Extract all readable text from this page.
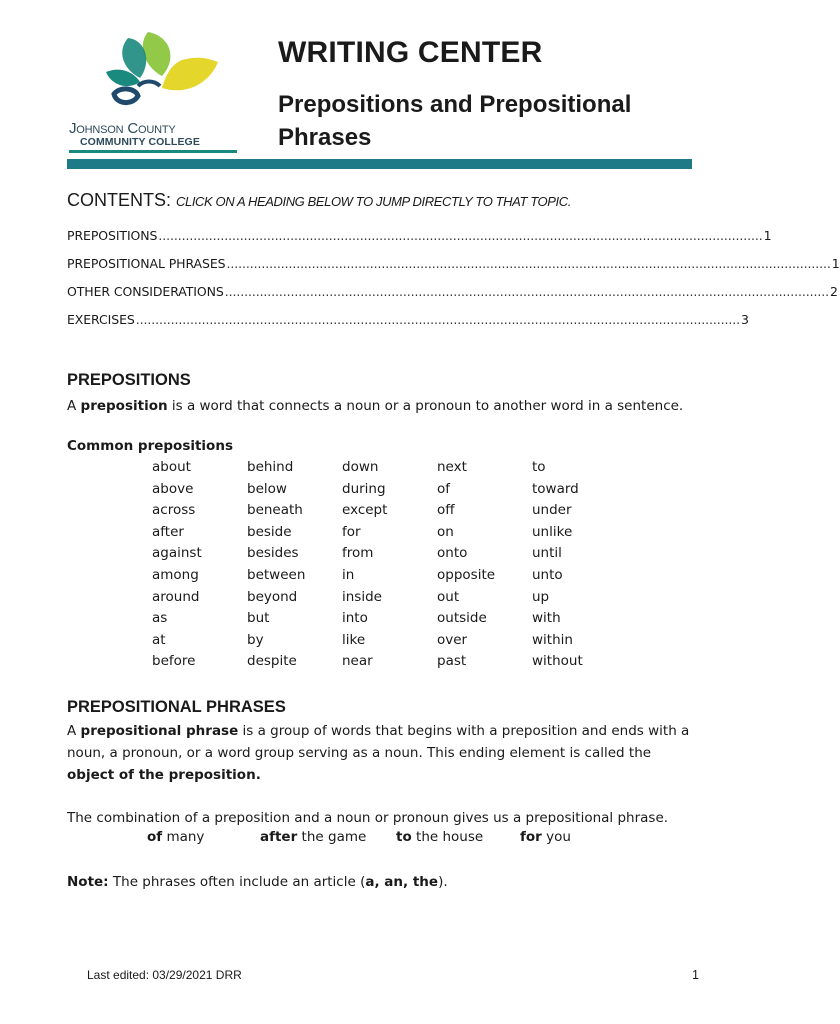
Johnson County
COMMUNITY COLLEGE
WRITING CENTER
Prepositions and Prepositional Phrases
CONTENTS: CLICK ON A HEADING BELOW TO JUMP DIRECTLY TO THAT TOPIC.
PREPOSITIONS ............................................................................................................................................................ 1
PREPOSITIONAL PHRASES ............................................................................................................................................................ 1
OTHER CONSIDERATIONS ............................................................................................................................................................ 2
EXERCISES ............................................................................................................................................................ 3
PREPOSITIONS
A preposition is a word that connects a noun or a pronoun to another word in a sentence.
Common prepositions
about	behind	down	next	to
above	below	during	of	toward
across	beneath	except	off	under
after	beside	for	on	unlike
against	besides	from	onto	until
among	between	in	opposite	unto
around	beyond	inside	out	up
as	but	into	outside	with
at	by	like	over	within
before	despite	near	past	without
PREPOSITIONAL PHRASES
A prepositional phrase is a group of words that begins with a preposition and ends with a noun, a pronoun, or a word group serving as a noun. This ending element is called the object of the preposition.
The combination of a preposition and a noun or pronoun gives us a prepositional phrase.
of many	after the game to the house	for you
Note: The phrases often include an article (a, an, the).
Last edited: 03/29/2021 DRR	1
